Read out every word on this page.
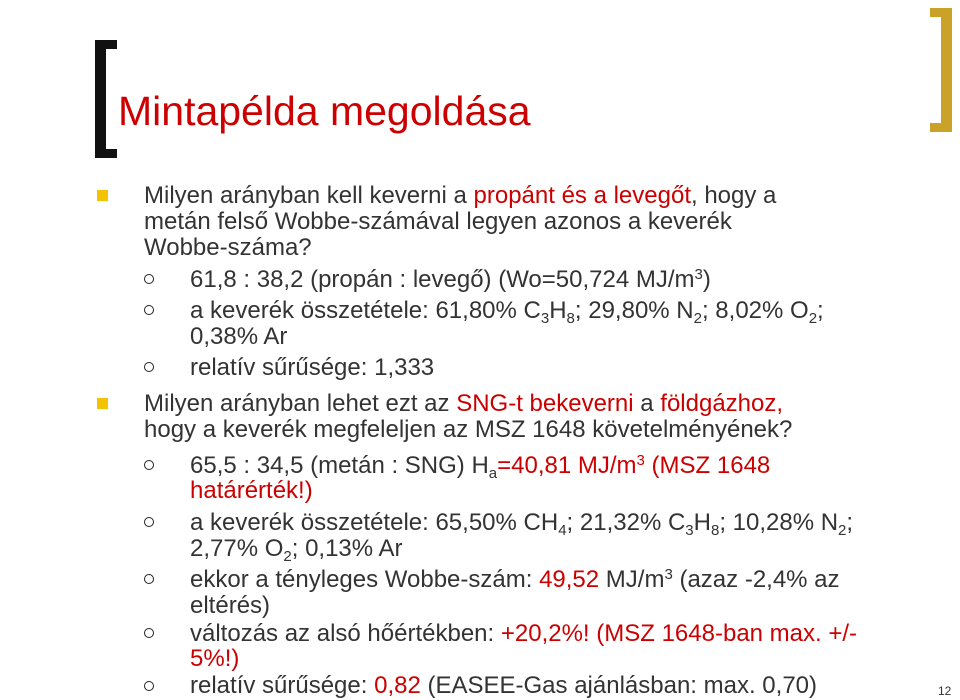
Mintapélda megoldása
Milyen arányban kell keverni a propánt és a levegőt, hogy a
metán felső Wobbe-számával legyen azonos a keverék
Wobbe-száma?
61,8 : 38,2 (propán : levegő) (Wo=50,724 $MJ/m^3$)
a keverék összetétele: 61,80% $C_3H_8$; 29,80% $N_2$; 8,02% $O_2$;
0,38% Ar
relatív sűrűsége: 1,333
Milyen arányban lehet ezt az SNG-t bekeverni a földgázhoz,
hogy a keverék megfeleljen az MSZ 1648 követelményének?
65,5 : 34,5 (metán : SNG) $H_a=40,81$ $MJ/m^3$ (MSZ 1648
határérték!)
a keverék összetétele: 65,50% $CH_4$; 21,32% $C_3H_8$; 10,28% $N_2$;
2,77% $O_2$; 0,13% Ar
ekkor a tényleges Wobbe-szám: 49,52 $MJ/m^3$ (azaz -2,4% az
eltérés)
változás az alsó hőértékben: +20,2%! (MSZ 1648-ban max. +/-
5%!)
relatív sűrűsége: 0,82 (EASEE-Gas ajánlásban: max. 0,70)	12
